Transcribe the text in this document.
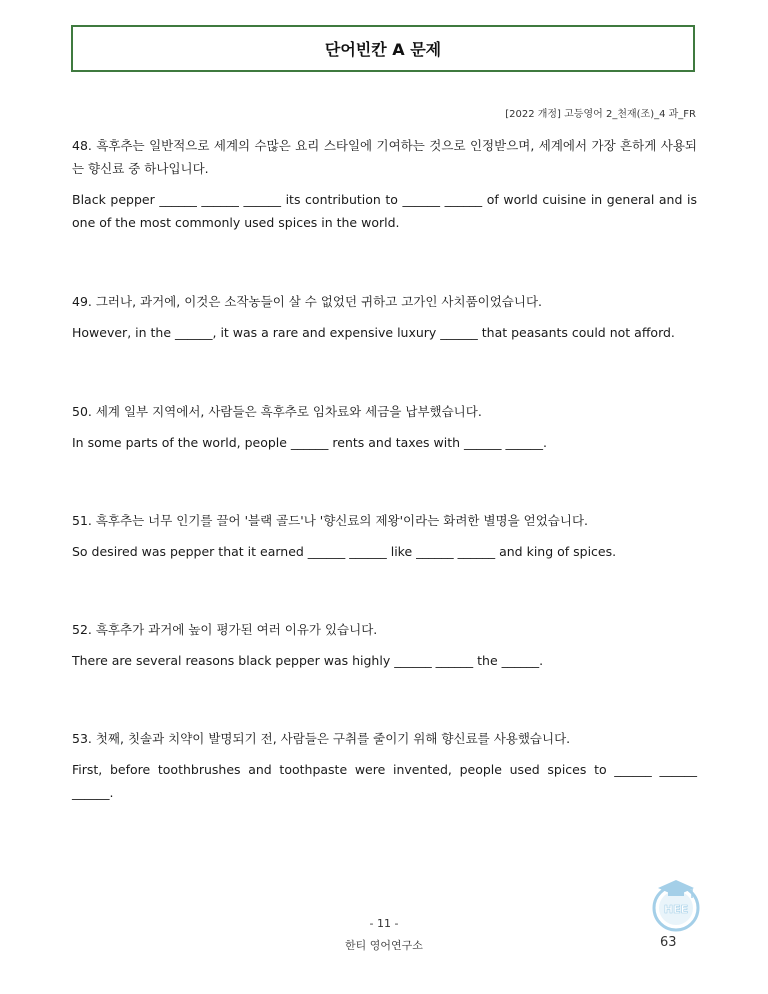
단어빈칸 A 문제
[2022 개정] 고등영어 2_천재(조)_4 과_FR

48. 흑후추는 일반적으로 세계의 수많은 요리 스타일에 기여하는 것으로 인정받으며, 세계에서 가장 흔하게 사용되는 향신료 중 하나입니다.

Black pepper ______ ______ ______ its contribution to ______ ______ of world cuisine in general and is one of the most commonly used spices in the world.

49. 그러나, 과거에, 이것은 소작농들이 살 수 없었던 귀하고 고가인 사치품이었습니다.

However, in the ______, it was a rare and expensive luxury ______ that peasants could not afford.

50. 세계 일부 지역에서, 사람들은 흑후추로 임차료와 세금을 납부했습니다.

In some parts of the world, people ______ rents and taxes with ______ ______.

51. 흑후추는 너무 인기를 끌어 '블랙 골드'나 '향신료의 제왕'이라는 화려한 별명을 얻었습니다.

So desired was pepper that it earned ______ ______ like ______ ______ and king of spices.

52. 흑후추가 과거에 높이 평가된 여러 이유가 있습니다.

There are several reasons black pepper was highly ______ ______ the ______.

53. 첫째, 칫솔과 치약이 발명되기 전, 사람들은 구취를 줄이기 위해 향신료를 사용했습니다.

First, before toothbrushes and toothpaste were invented, people used spices to ______ ______ ______.

HEE
- 11 -
한티 영어연구소	63
